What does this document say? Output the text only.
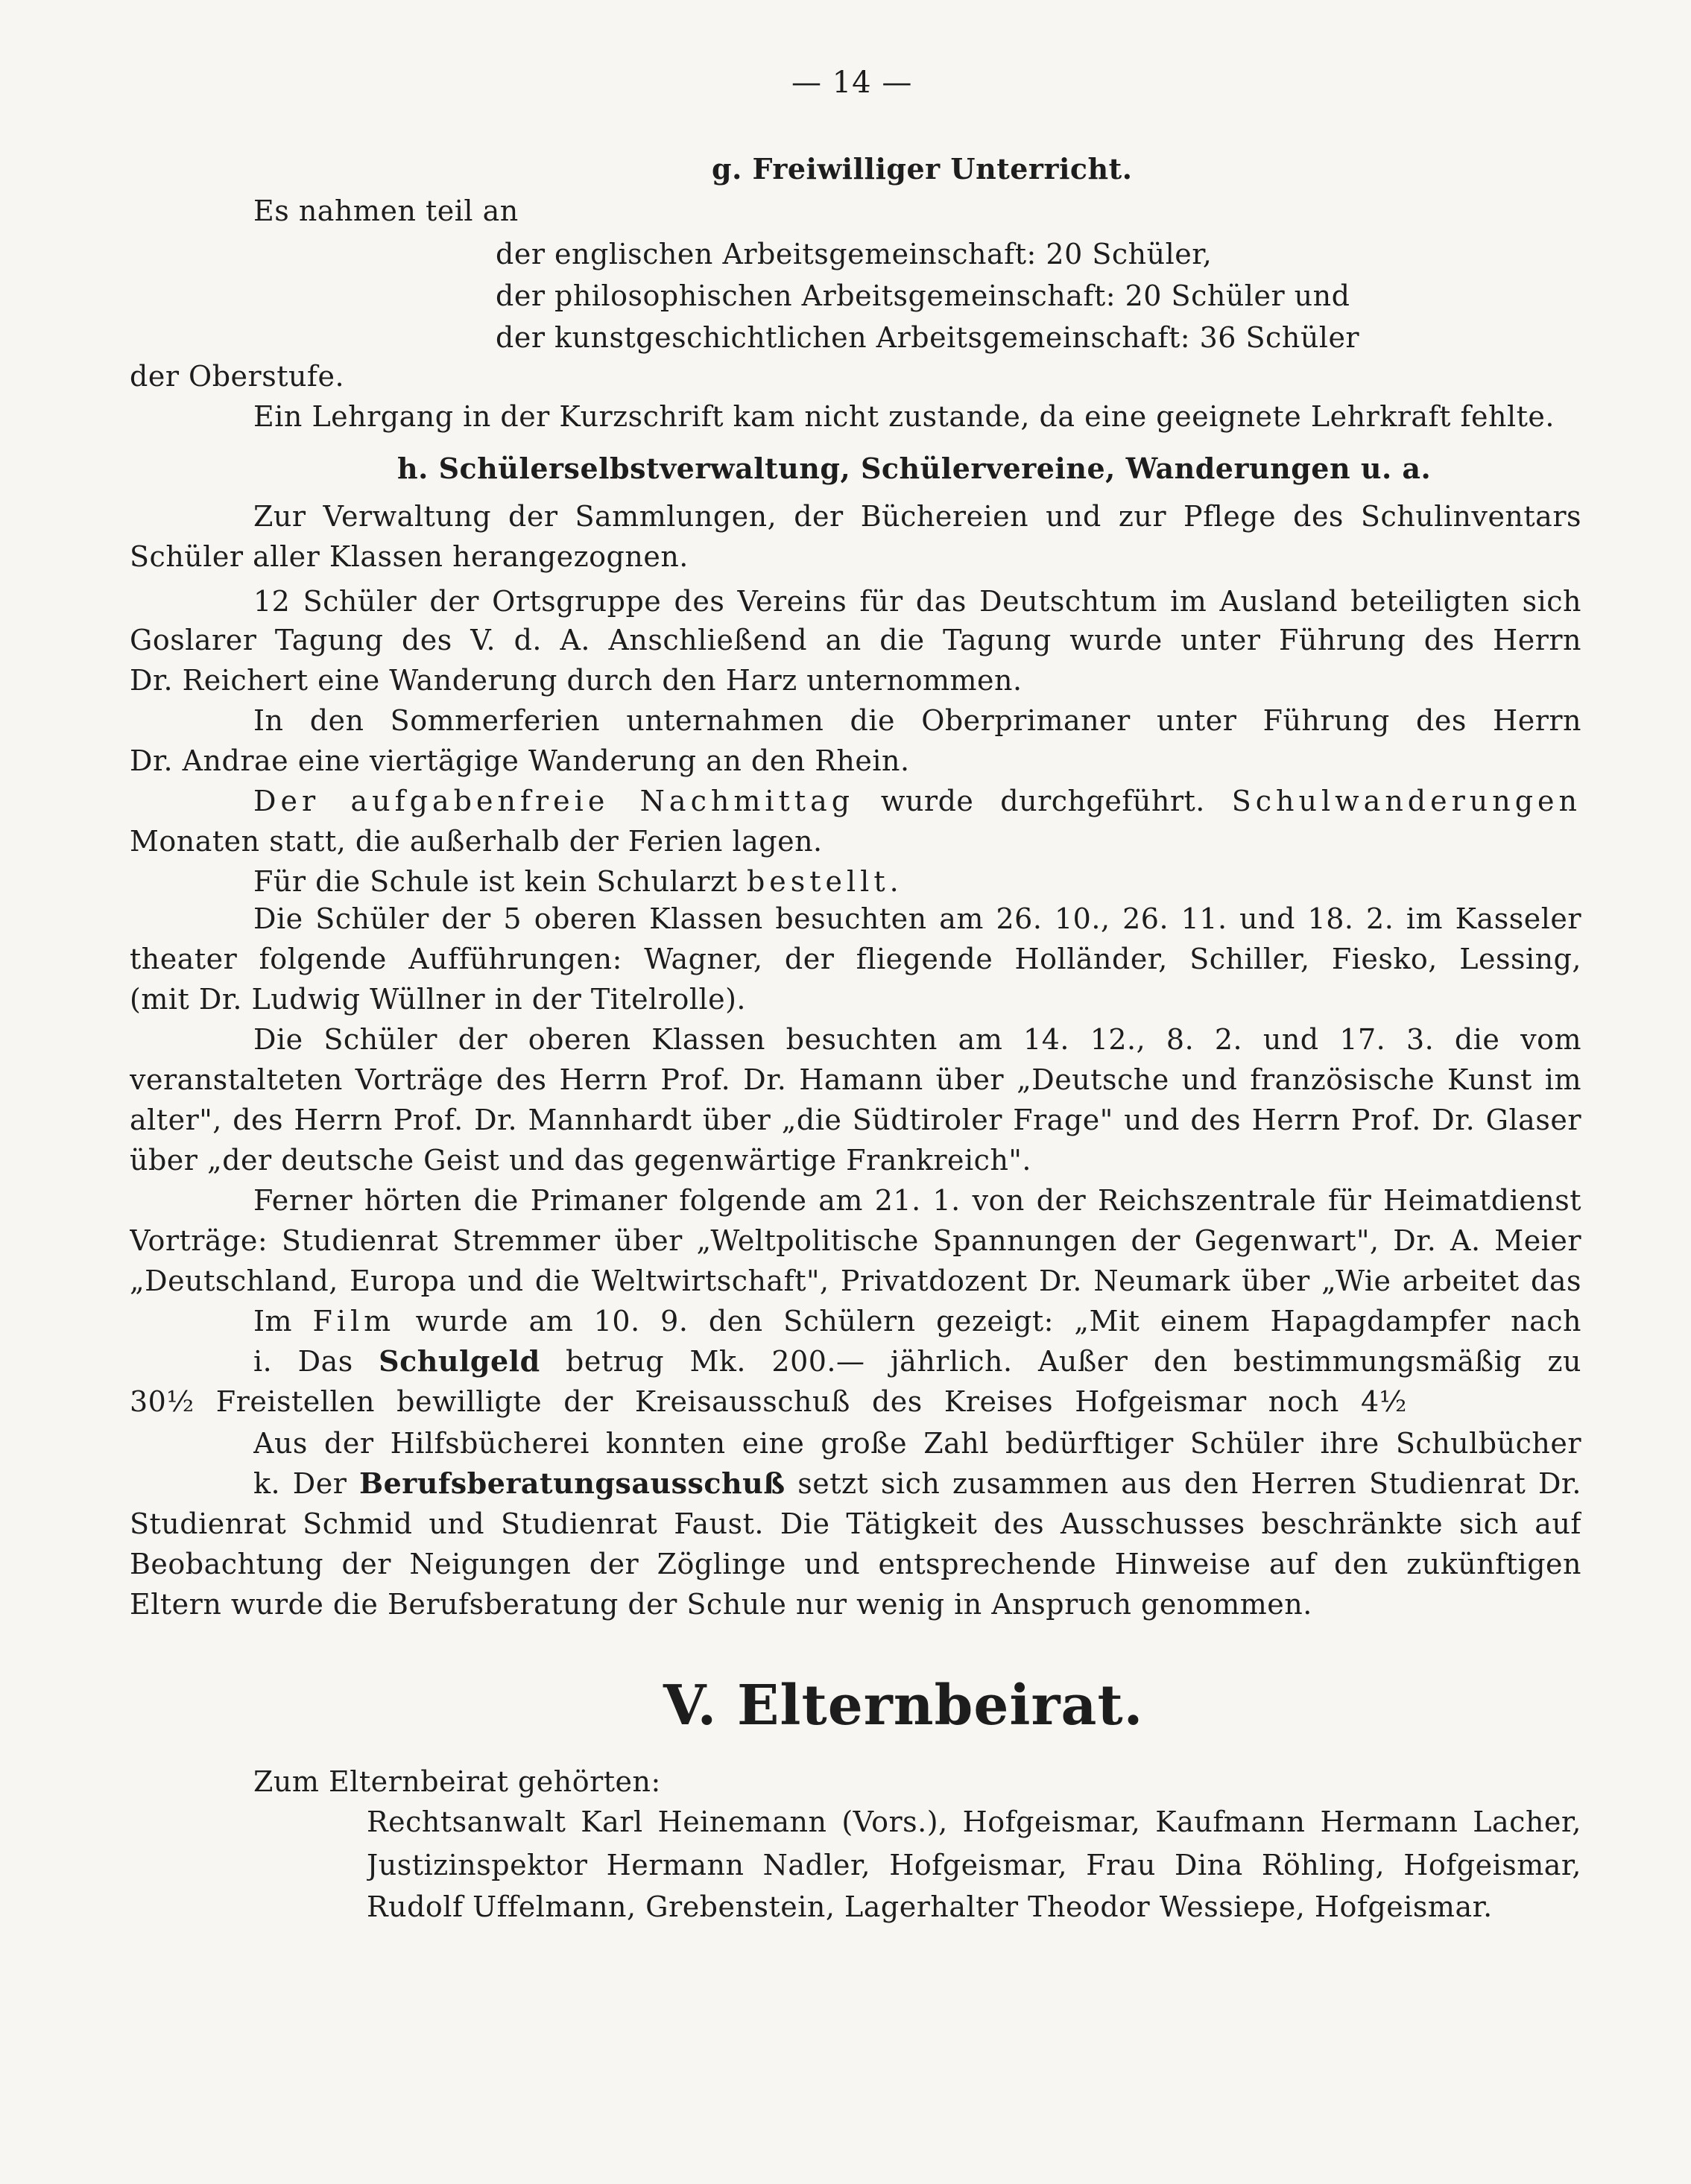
— 14 —
g. Freiwilliger Unterricht.
Es nahmen teil an
der englischen Arbeitsgemeinschaft: 20 Schüler,
der philosophischen Arbeitsgemeinschaft: 20 Schüler und
der kunstgeschichtlichen Arbeitsgemeinschaft: 36 Schüler
der Oberstufe.
Ein Lehrgang in der Kurzschrift kam nicht zustande, da eine geeignete Lehrkraft fehlte.
h. Schülerselbstverwaltung, Schülervereine, Wanderungen u. a.
Zur Verwaltung der Sammlungen, der Büchereien und zur Pflege des Schulinventars
Schüler aller Klassen herangezognen.
12 Schüler der Ortsgruppe des Vereins für das Deutschtum im Ausland beteiligten sich
Goslarer Tagung des V. d. A. Anschließend an die Tagung wurde unter Führung des Herrn
Dr. Reichert eine Wanderung durch den Harz unternommen.
In den Sommerferien unternahmen die Oberprimaner unter Führung des Herrn
Dr. Andrae eine viertägige Wanderung an den Rhein.
Der aufgabenfreie Nachmittag wurde durchgeführt. Schulwanderungen
Monaten statt, die außerhalb der Ferien lagen.
Für die Schule ist kein Schularzt bestellt.
Die Schüler der 5 oberen Klassen besuchten am 26. 10., 26. 11. und 18. 2. im Kasseler
theater folgende Aufführungen: Wagner, der fliegende Holländer, Schiller, Fiesko, Lessing,
(mit Dr. Ludwig Wüllner in der Titelrolle).
Die Schüler der oberen Klassen besuchten am 14. 12., 8. 2. und 17. 3. die vom
veranstalteten Vorträge des Herrn Prof. Dr. Hamann über „Deutsche und französische Kunst im
alter", des Herrn Prof. Dr. Mannhardt über „die Südtiroler Frage" und des Herrn Prof. Dr. Glaser
über „der deutsche Geist und das gegenwärtige Frankreich".
Ferner hörten die Primaner folgende am 21. 1. von der Reichszentrale für Heimatdienst
Vorträge: Studienrat Stremmer über „Weltpolitische Spannungen der Gegenwart", Dr. A. Meier
„Deutschland, Europa und die Weltwirtschaft", Privatdozent Dr. Neumark über „Wie arbeitet das
Im Film wurde am 10. 9. den Schülern gezeigt: „Mit einem Hapagdampfer nach
i. Das Schulgeld betrug Mk. 200.— jährlich. Außer den bestimmungsmäßig zu
30½ Freistellen bewilligte der Kreisausschuß des Kreises Hofgeismar noch 4½
Aus der Hilfsbücherei konnten eine große Zahl bedürftiger Schüler ihre Schulbücher
k. Der Berufsberatungsausschuß setzt sich zusammen aus den Herren Studienrat Dr.
Studienrat Schmid und Studienrat Faust. Die Tätigkeit des Ausschusses beschränkte sich auf
Beobachtung der Neigungen der Zöglinge und entsprechende Hinweise auf den zukünftigen
Eltern wurde die Berufsberatung der Schule nur wenig in Anspruch genommen.
V. Elternbeirat.
Zum Elternbeirat gehörten:
Rechtsanwalt Karl Heinemann (Vors.), Hofgeismar, Kaufmann Hermann Lacher,
Justizinspektor Hermann Nadler, Hofgeismar, Frau Dina Röhling, Hofgeismar,
Rudolf Uffelmann, Grebenstein, Lagerhalter Theodor Wessiepe, Hofgeismar.
